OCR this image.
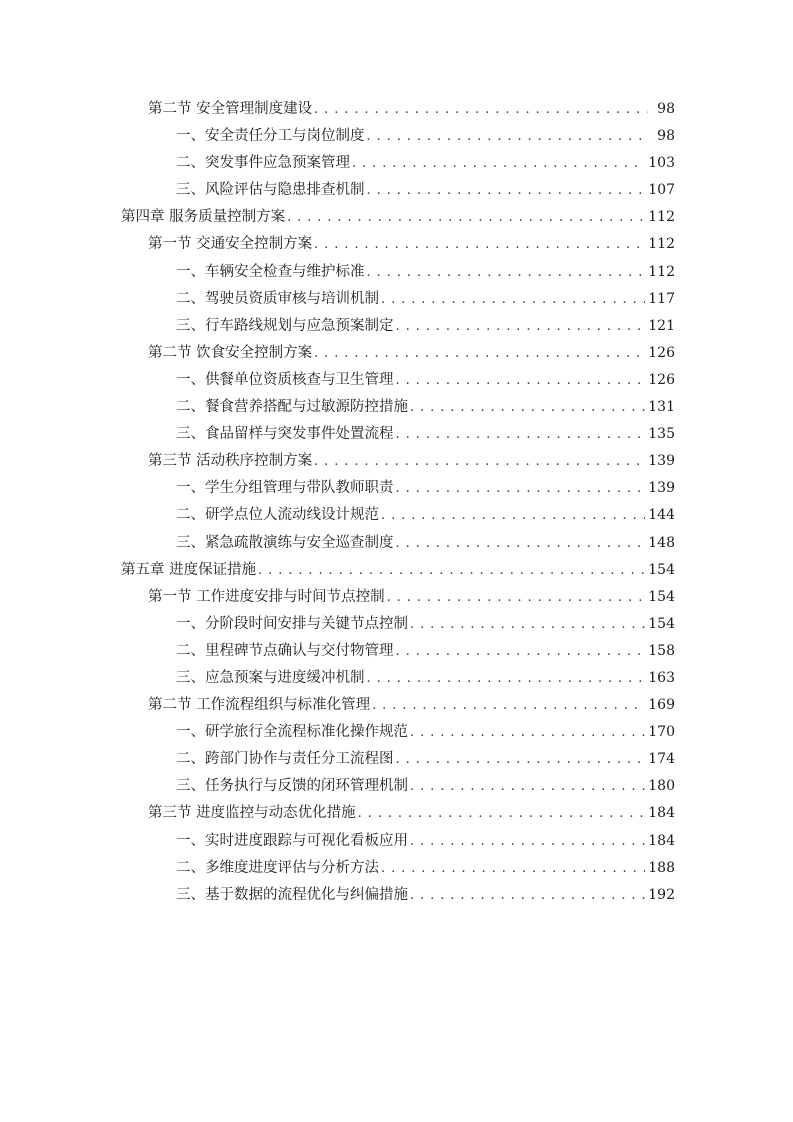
第二节 安全管理制度建设 . . .	98
一、安全责任分工与岗位制度 . . .	98
二、突发事件应急预案管理 . . .	103
三、风险评估与隐患排查机制 . . .	107
第四章 服务质量控制方案 . . .	112
第一节 交通安全控制方案 . . .	112
一、车辆安全检查与维护标准 . . .	112
二、驾驶员资质审核与培训机制 . . .	117
三、行车路线规划与应急预案制定 . . .	121
第二节 饮食安全控制方案 . . .	126
一、供餐单位资质核查与卫生管理 . . .	126
二、餐食营养搭配与过敏源防控措施 . . .	131
三、食品留样与突发事件处置流程 . . .	135
第三节 活动秩序控制方案 . . .	139
一、学生分组管理与带队教师职责 . . .	139
二、研学点位人流动线设计规范 . . .	144
三、紧急疏散演练与安全巡查制度 . . .	148
第五章 进度保证措施 . . .	154
第一节 工作进度安排与时间节点控制 . . .	154
一、分阶段时间安排与关键节点控制 . . .	154
二、里程碑节点确认与交付物管理 . . .	158
三、应急预案与进度缓冲机制 . . .	163
第二节 工作流程组织与标准化管理 . . .	169
一、研学旅行全流程标准化操作规范 . . .	170
二、跨部门协作与责任分工流程图 . . .	174
三、任务执行与反馈的闭环管理机制 . . .	180
第三节 进度监控与动态优化措施 . . .	184
一、实时进度跟踪与可视化看板应用 . . .	184
二、多维度进度评估与分析方法 . . .	188
三、基于数据的流程优化与纠偏措施 . . .	192
